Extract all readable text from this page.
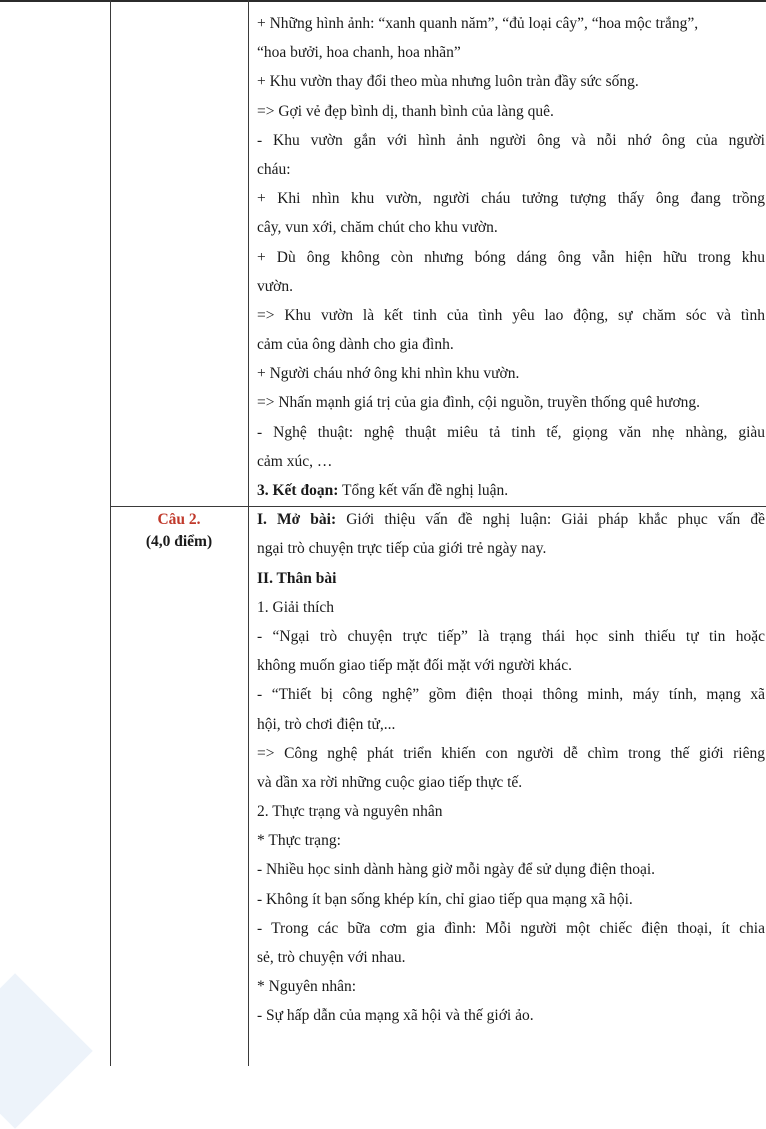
Câu 2.
(4,0 điểm)
+ Những hình ảnh: “xanh quanh năm”, “đủ loại cây”, “hoa mộc trắng”,
“hoa bưởi, hoa chanh, hoa nhãn”
+ Khu vườn thay đổi theo mùa nhưng luôn tràn đầy sức sống.
=> Gợi vẻ đẹp bình dị, thanh bình của làng quê.
- Khu vườn gắn với hình ảnh người ông và nỗi nhớ ông của người
cháu:
+ Khi nhìn khu vườn, người cháu tưởng tượng thấy ông đang trồng
cây, vun xới, chăm chút cho khu vườn.
+ Dù ông không còn nhưng bóng dáng ông vẫn hiện hữu trong khu
vườn.
=> Khu vườn là kết tinh của tình yêu lao động, sự chăm sóc và tình
cảm của ông dành cho gia đình.
+ Người cháu nhớ ông khi nhìn khu vườn.
=> Nhấn mạnh giá trị của gia đình, cội nguồn, truyền thống quê hương.
- Nghệ thuật: nghệ thuật miêu tả tinh tế, giọng văn nhẹ nhàng, giàu
cảm xúc, …
3. Kết đoạn: Tổng kết vấn đề nghị luận.
I. Mở bài: Giới thiệu vấn đề nghị luận: Giải pháp khắc phục vấn đề
ngại trò chuyện trực tiếp của giới trẻ ngày nay.
II. Thân bài
1. Giải thích
- “Ngại trò chuyện trực tiếp” là trạng thái học sinh thiếu tự tin hoặc
không muốn giao tiếp mặt đối mặt với người khác.
- “Thiết bị công nghệ” gồm điện thoại thông minh, máy tính, mạng xã
hội, trò chơi điện tử,...
=> Công nghệ phát triển khiến con người dễ chìm trong thế giới riêng
và dần xa rời những cuộc giao tiếp thực tế.
2. Thực trạng và nguyên nhân
* Thực trạng:
- Nhiều học sinh dành hàng giờ mỗi ngày để sử dụng điện thoại.
- Không ít bạn sống khép kín, chỉ giao tiếp qua mạng xã hội.
- Trong các bữa cơm gia đình: Mỗi người một chiếc điện thoại, ít chia
sẻ, trò chuyện với nhau.
* Nguyên nhân:
- Sự hấp dẫn của mạng xã hội và thế giới ảo.
